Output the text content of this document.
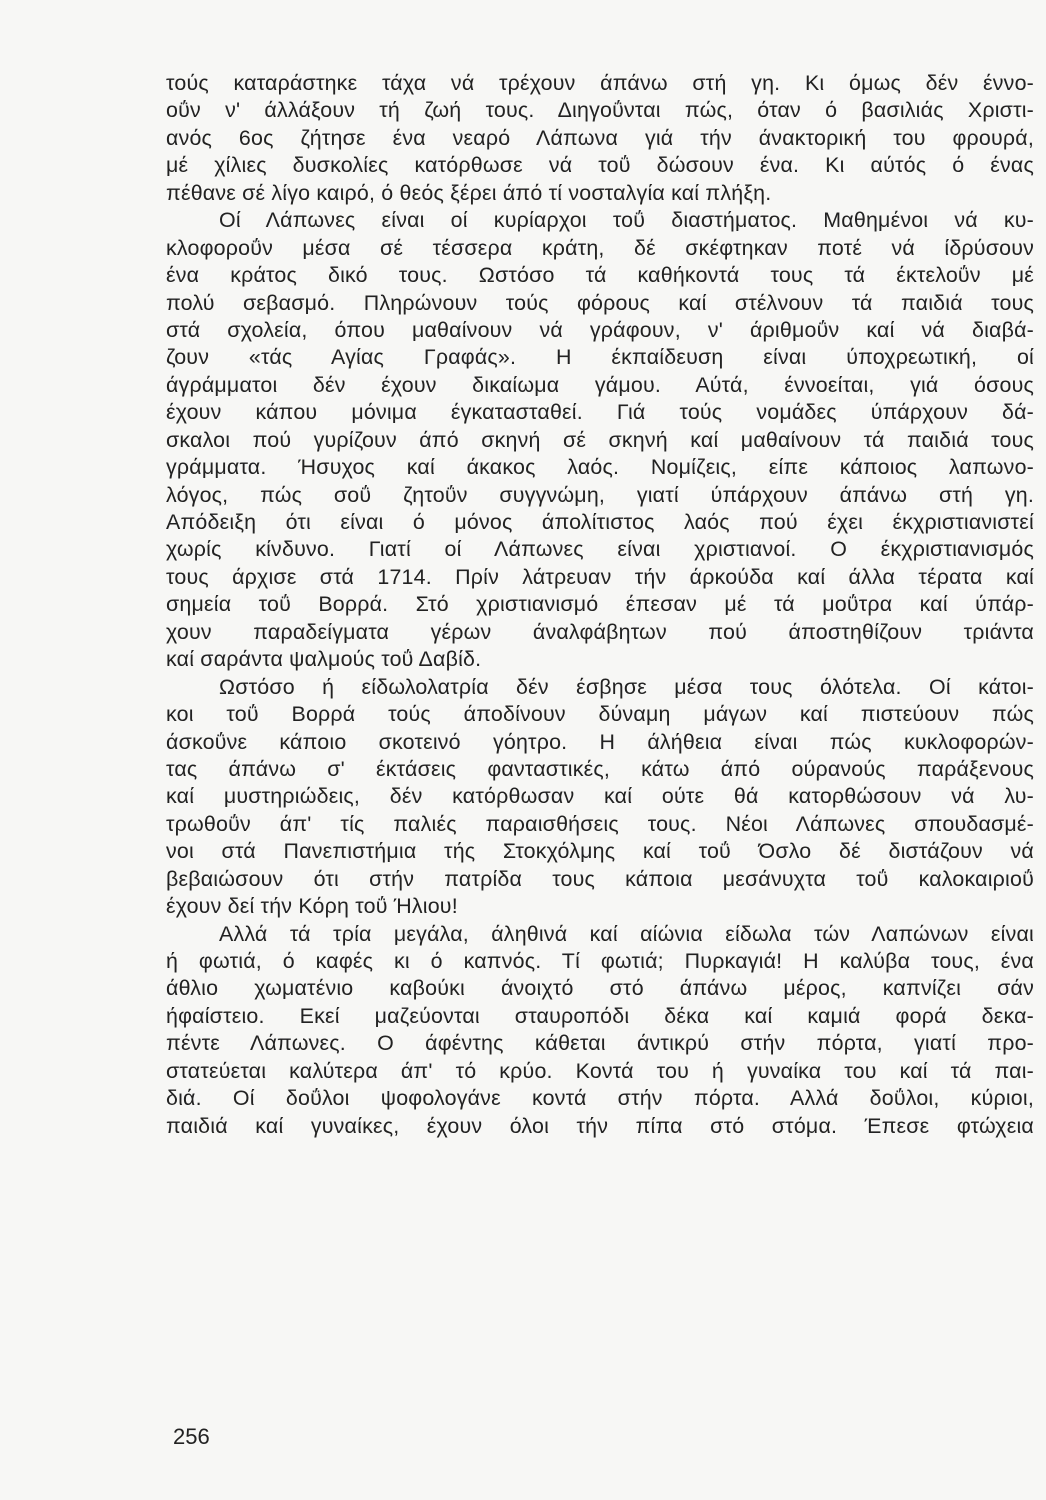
τούς καταράστηκε τάχα νά τρέχουν άπάνω στή γη. Κι όμως δέν έννο-
οΰν ν' άλλάξουν τή ζωή τους. Διηγοΰνται πώς, όταν ό βασιλιάς Χριστι-
ανός 6ος ζήτησε ένα νεαρό Λάπωνα γιά τήν άνακτορική του φρουρά,
μέ χίλιες δυσκολίες κατόρθωσε νά τοΰ δώσουν ένα. Κι αύτός ό ένας
πέθανε σέ λίγο καιρό, ό θεός ξέρει άπό τί νοσταλγία καί πλήξη.
Οί Λάπωνες είναι οί κυρίαρχοι τοΰ διαστήματος. Μαθημένοι νά κυ-
κλοφοροΰν μέσα σέ τέσσερα κράτη, δέ σκέφτηκαν ποτέ νά ίδρύσουν
ένα κράτος δικό τους. Ωστόσο τά καθήκοντά τους τά έκτελοΰν μέ
πολύ σεβασμό. Πληρώνουν τούς φόρους καί στέλνουν τά παιδιά τους
στά σχολεία, όπου μαθαίνουν νά γράφουν, ν' άριθμοΰν καί νά διαβά-
ζουν «τάς Αγίας Γραφάς». Η έκπαίδευση είναι ύποχρεωτική, οί
άγράμματοι δέν έχουν δικαίωμα γάμου. Αύτά, έννοείται, γιά όσους
έχουν κάπου μόνιμα έγκατασταθεί. Γιά τούς νομάδες ύπάρχουν δά-
σκαλοι πού γυρίζουν άπό σκηνή σέ σκηνή καί μαθαίνουν τά παιδιά τους
γράμματα. Ήσυχος καί άκακος λαός. Νομίζεις, είπε κάποιος λαπωνο-
λόγος, πώς σοΰ ζητοΰν συγγνώμη, γιατί ύπάρχουν άπάνω στή γη.
Απόδειξη ότι είναι ό μόνος άπολίτιστος λαός πού έχει έκχριστιανιστεί
χωρίς κίνδυνο. Γιατί οί Λάπωνες είναι χριστιανοί. Ο έκχριστιανισμός
τους άρχισε στά 1714. Πρίν λάτρευαν τήν άρκούδα καί άλλα τέρατα καί
σημεία τοΰ Βορρά. Στό χριστιανισμό έπεσαν μέ τά μοΰτρα καί ύπάρ-
χουν παραδείγματα γέρων άναλφάβητων πού άποστηθίζουν τριάντα
καί σαράντα ψαλμούς τοΰ Δαβίδ.
Ωστόσο ή είδωλολατρία δέν έσβησε μέσα τους όλότελα. Οί κάτοι-
κοι τοΰ Βορρά τούς άποδίνουν δύναμη μάγων καί πιστεύουν πώς
άσκοΰνε κάποιο σκοτεινό γόητρο. Η άλήθεια είναι πώς κυκλοφορών-
τας άπάνω σ' έκτάσεις φανταστικές, κάτω άπό ούρανούς παράξενους
καί μυστηριώδεις, δέν κατόρθωσαν καί ούτε θά κατορθώσουν νά λυ-
τρωθοΰν άπ' τίς παλιές παραισθήσεις τους. Νέοι Λάπωνες σπουδασμέ-
νοι στά Πανεπιστήμια τής Στοκχόλμης καί τοΰ Όσλο δέ διστάζουν νά
βεβαιώσουν ότι στήν πατρίδα τους κάποια μεσάνυχτα τοΰ καλοκαιριοΰ
έχουν δεί τήν Κόρη τοΰ Ήλιου!
Αλλά τά τρία μεγάλα, άληθινά καί αίώνια είδωλα τών Λαπώνων είναι
ή φωτιά, ό καφές κι ό καπνός. Τί φωτιά; Πυρκαγιά! Η καλύβα τους, ένα
άθλιο χωματένιο καβούκι άνοιχτό στό άπάνω μέρος, καπνίζει σάν
ήφαίστειο. Εκεί μαζεύονται σταυροπόδι δέκα καί καμιά φορά δεκα-
πέντε Λάπωνες. Ο άφέντης κάθεται άντικρύ στήν πόρτα, γιατί προ-
στατεύεται καλύτερα άπ' τό κρύο. Κοντά του ή γυναίκα του καί τά παι-
διά. Οί δοΰλοι ψοφολογάνε κοντά στήν πόρτα. Αλλά δοΰλοι, κύριοι,
παιδιά καί γυναίκες, έχουν όλοι τήν πίπα στό στόμα. Έπεσε φτώχεια
256
